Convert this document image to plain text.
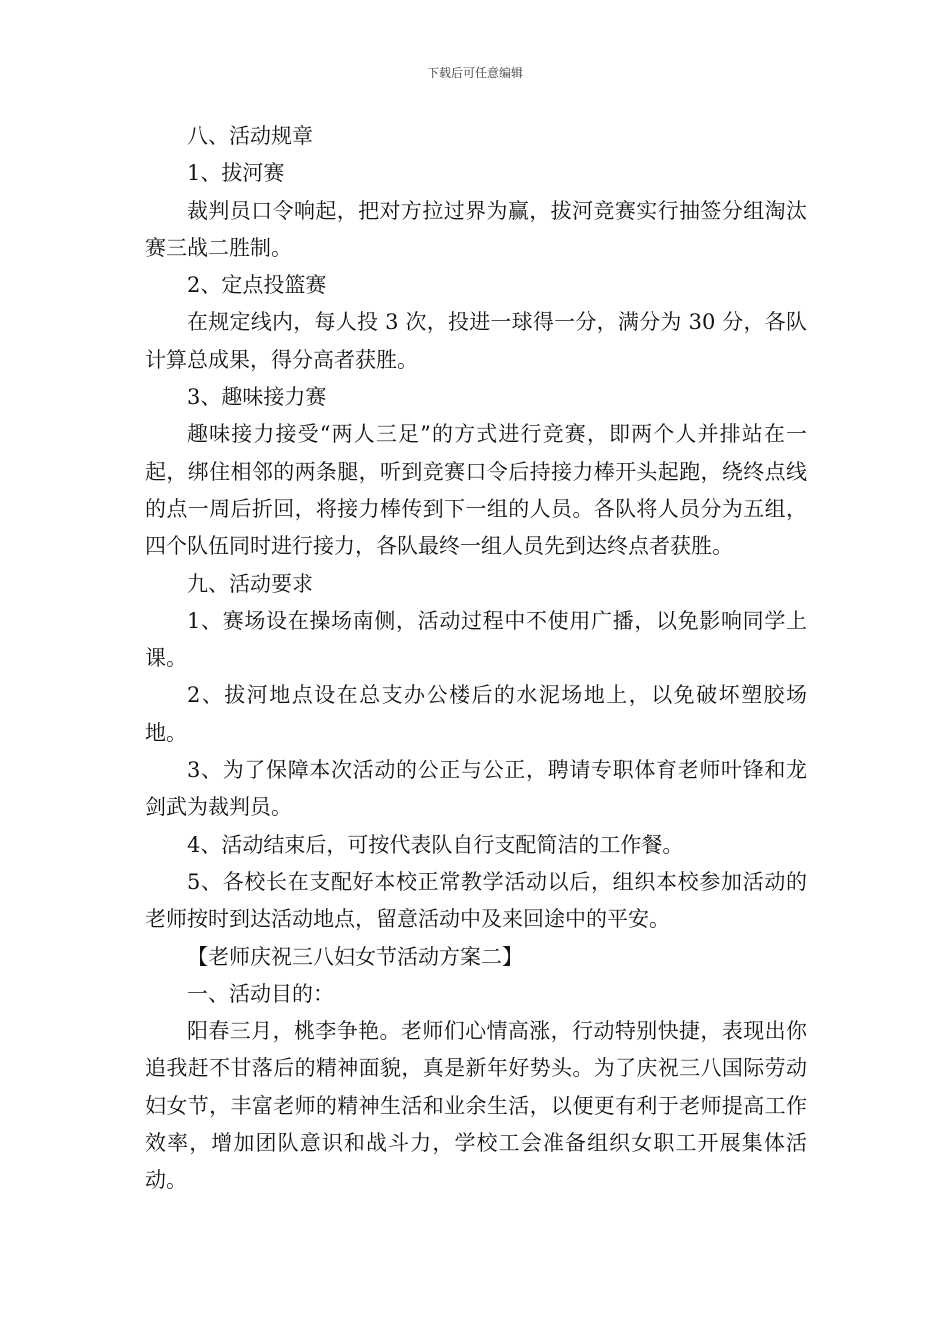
下载后可任意编辑

八、活动规章

1、拔河赛

裁判员口令响起，把对方拉过界为赢，拔河竞赛实行抽签分组淘汰赛三战二胜制。

2、定点投篮赛

在规定线内，每人投 3 次，投进一球得一分，满分为 30 分，各队计算总成果，得分高者获胜。

3、趣味接力赛

趣味接力接受“两人三足”的方式进行竞赛，即两个人并排站在一起，绑住相邻的两条腿，听到竞赛口令后持接力棒开头起跑，绕终点线的点一周后折回，将接力棒传到下一组的人员。各队将人员分为五组，四个队伍同时进行接力，各队最终一组人员先到达终点者获胜。

九、活动要求

1、赛场设在操场南侧，活动过程中不使用广播，以免影响同学上课。

2、拔河地点设在总支办公楼后的水泥场地上，以免破坏塑胶场地。

3、为了保障本次活动的公正与公正，聘请专职体育老师叶锋和龙剑武为裁判员。

4、活动结束后，可按代表队自行支配简洁的工作餐。

5、各校长在支配好本校正常教学活动以后，组织本校参加活动的老师按时到达活动地点，留意活动中及来回途中的平安。

【老师庆祝三八妇女节活动方案二】

一、活动目的：

阳春三月，桃李争艳。老师们心情高涨，行动特别快捷，表现出你追我赶不甘落后的精神面貌，真是新年好势头。为了庆祝三八国际劳动妇女节，丰富老师的精神生活和业余生活，以便更有利于老师提高工作效率，增加团队意识和战斗力，学校工会准备组织女职工开展集体活动。
